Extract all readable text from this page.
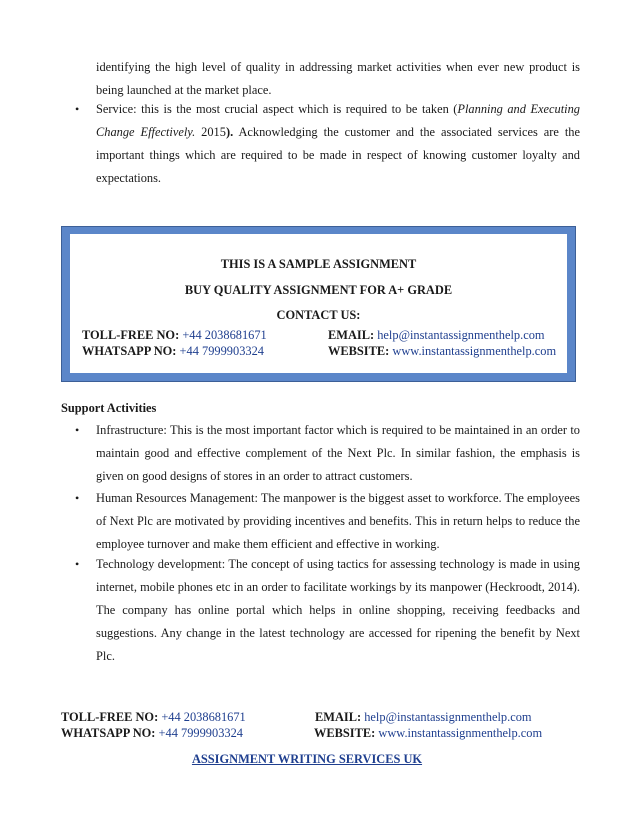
identifying the high level of quality in addressing market activities when ever new product is being launched at the market place.
• Service: this is the most crucial aspect which is required to be taken (Planning and Executing Change Effectively. 2015). Acknowledging the customer and the associated services are the important things which are required to be made in respect of knowing customer loyalty and expectations.
THIS IS A SAMPLE ASSIGNMENT
BUY QUALITY ASSIGNMENT FOR A+ GRADE
CONTACT US:
TOLL-FREE NO: +44 2038681671
WHATSAPP NO: +44 7999903324
EMAIL: help@instantassignmenthelp.com
WEBSITE: www.instantassignmenthelp.com
Support Activities
• Infrastructure: This is the most important factor which is required to be maintained in an order to maintain good and effective complement of the Next Plc. In similar fashion, the emphasis is given on good designs of stores in an order to attract customers.
• Human Resources Management: The manpower is the biggest asset to workforce. The employees of Next Plc are motivated by providing incentives and benefits. This in return helps to reduce the employee turnover and make them efficient and effective in working.
• Technology development: The concept of using tactics for assessing technology is made in using internet, mobile phones etc in an order to facilitate workings by its manpower (Heckroodt, 2014). The company has online portal which helps in online shopping, receiving feedbacks and suggestions. Any change in the latest technology are accessed for ripening the benefit by Next Plc.
TOLL-FREE NO: +44 2038681671
WHATSAPP NO: +44 7999903324
EMAIL: help@instantassignmenthelp.com
WEBSITE: www.instantassignmenthelp.com
ASSIGNMENT WRITING SERVICES UK
